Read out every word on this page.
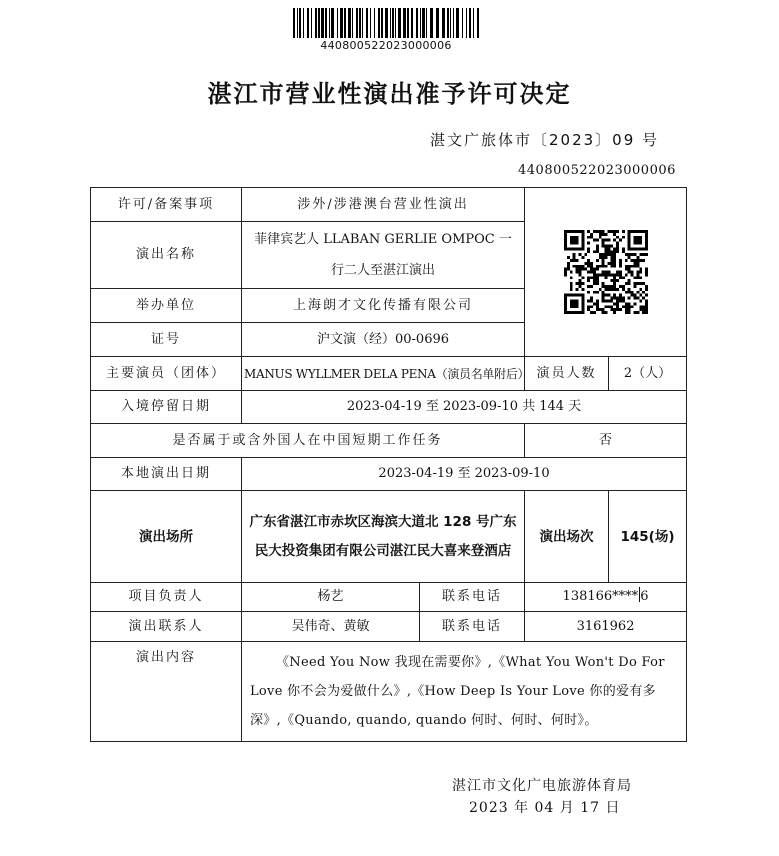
440800522023000006
湛江市营业性演出准予许可决定
湛文广旅体市〔2023〕09 号
440800522023000006
许可/备案事项	涉外/涉港澳台营业性演出	

演出名称	菲律宾艺人 LLABAN GERLIE OMPOC 一行二人至湛江演出			
举办单位	上海朗才文化传播有限公司			
证号	沪文演（经）00-0696			
主要演员（团体）	MANUS WYLLMER DELA PENA（演员名单附后）		演员人数	2（人）
入境停留日期	2023-04-19 至 2023-09-10 共 144 天			
是否属于或含外国人在中国短期工作任务			否	
本地演出日期	2023-04-19 至 2023-09-10			
演出场所	广东省湛江市赤坎区海滨大道北 128 号广东民大投资集团有限公司湛江民大喜来登酒店		演出场次	145(场)
项目负责人	杨艺	联系电话	138166**** 6	
演出联系人	吴伟奇、黄敏	联系电话	3161962	
演出内容	《Need You Now 我现在需要你》,《What You Won't Do For Love 你不会为爱做什么》,《How Deep Is Your Love 你的爱有多深》,《Quando, quando, quando 何时、何时、何时》。			
湛江市文化广电旅游体育局
2023 年 04 月 17 日
